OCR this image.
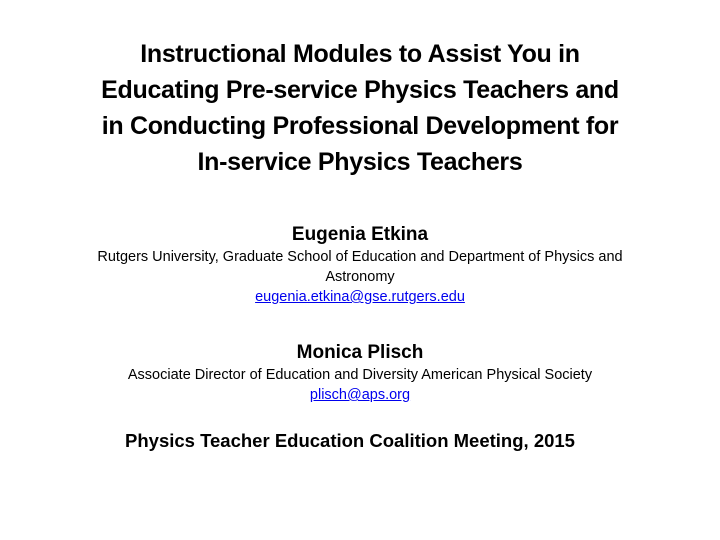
Instructional Modules to Assist You in
Educating Pre-service Physics Teachers and
in Conducting Professional Development for
In-service Physics Teachers
Eugenia Etkina
Rutgers University, Graduate School of Education and Department of Physics and
Astronomy
eugenia.etkina@gse.rutgers.edu
Monica Plisch
Associate Director of Education and Diversity American Physical Society
plisch@aps.org
Physics Teacher Education Coalition Meeting, 2015
